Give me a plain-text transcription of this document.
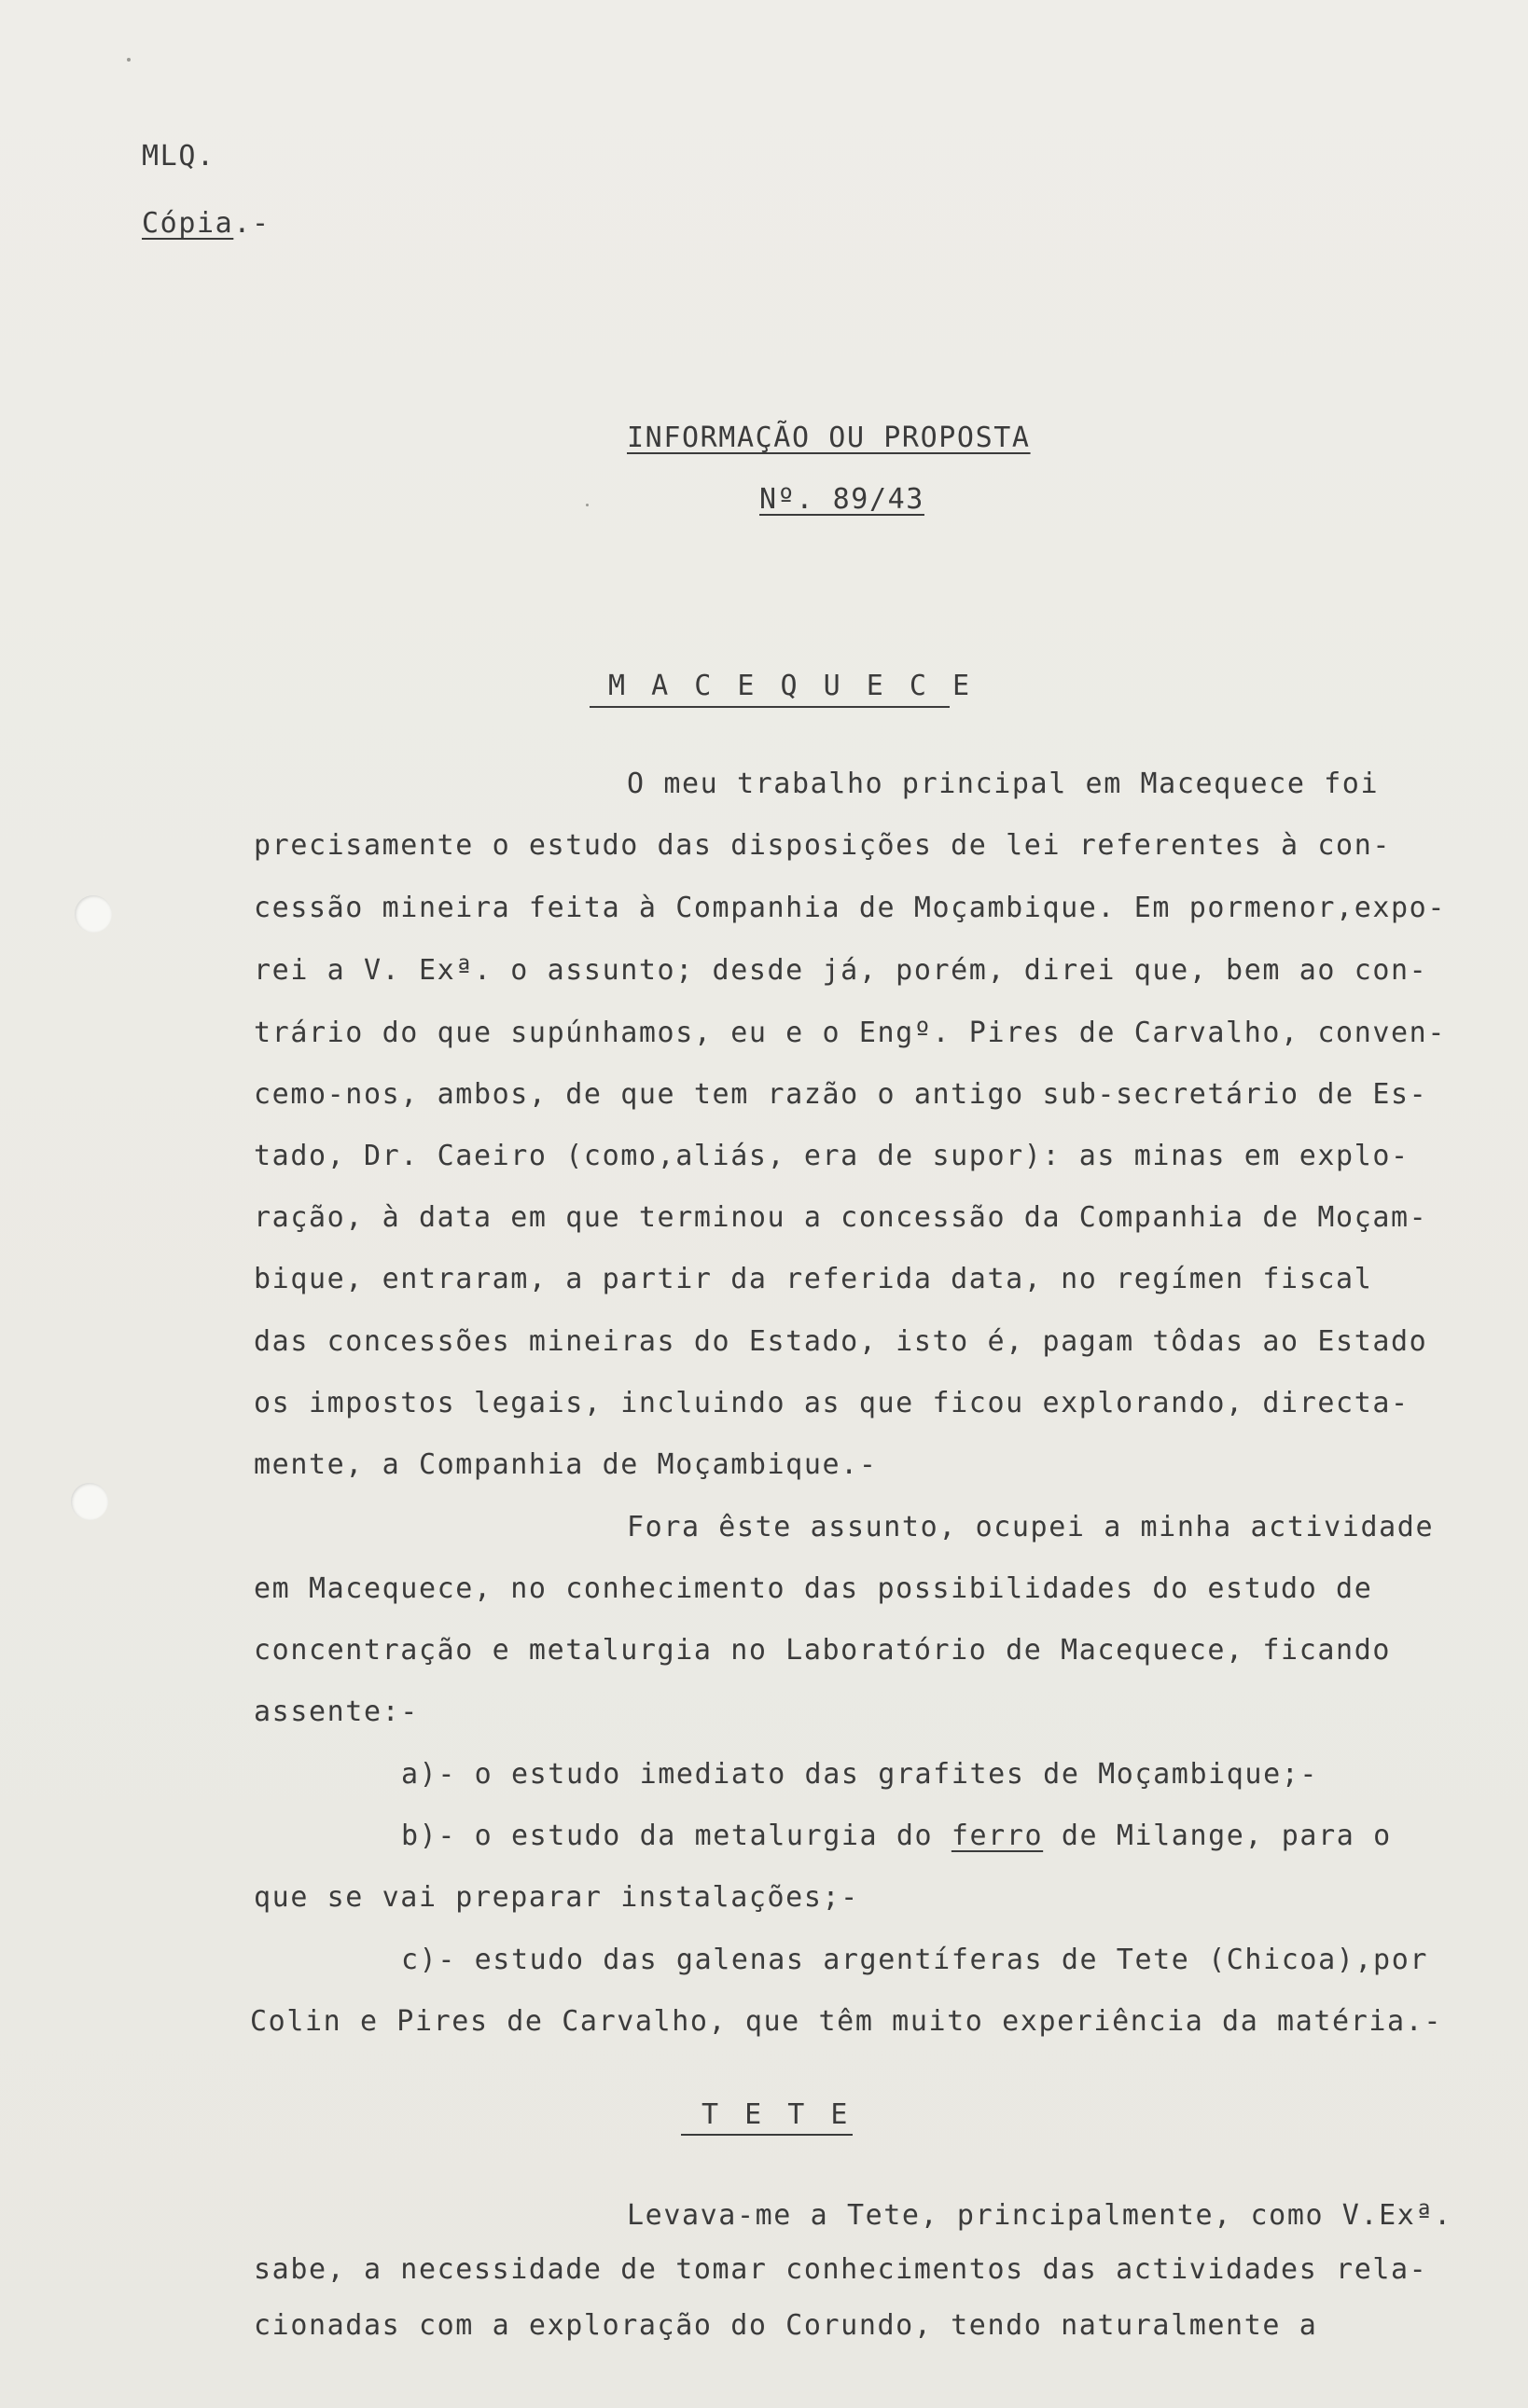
MLQ.
Cópia.-
INFORMAÇÃO OU PROPOSTA
Nº. 89/43
M A C E Q U E C E
O meu trabalho principal em Macequece foi
precisamente o estudo das disposições de lei referentes à con-
cessão mineira feita à Companhia de Moçambique. Em pormenor,expo-
rei a V. Exª. o assunto; desde já, porém, direi que, bem ao con-
trário do que supúnhamos, eu e o Engº. Pires de Carvalho, conven-
cemo-nos, ambos, de que tem razão o antigo sub-secretário de Es-
tado, Dr. Caeiro (como,aliás, era de supor): as minas em explo-
ração, à data em que terminou a concessão da Companhia de Moçam-
bique, entraram, a partir da referida data, no regímen fiscal
das concessões mineiras do Estado, isto é, pagam tôdas ao Estado
os impostos legais, incluindo as que ficou explorando, directa-
mente, a Companhia de Moçambique.-
Fora êste assunto, ocupei a minha actividade
em Macequece, no conhecimento das possibilidades do estudo de
concentração e metalurgia no Laboratório de Macequece, ficando
assente:-
a)- o estudo imediato das grafites de Moçambique;-
b)- o estudo da metalurgia do ferro de Milange, para o
que se vai preparar instalações;-
c)- estudo das galenas argentíferas de Tete (Chicoa),por
Colin e Pires de Carvalho, que têm muito experiência da matéria.-
T E T E
Levava-me a Tete, principalmente, como V.Exª.
sabe, a necessidade de tomar conhecimentos das actividades rela-
cionadas com a exploração do Corundo, tendo naturalmente a
